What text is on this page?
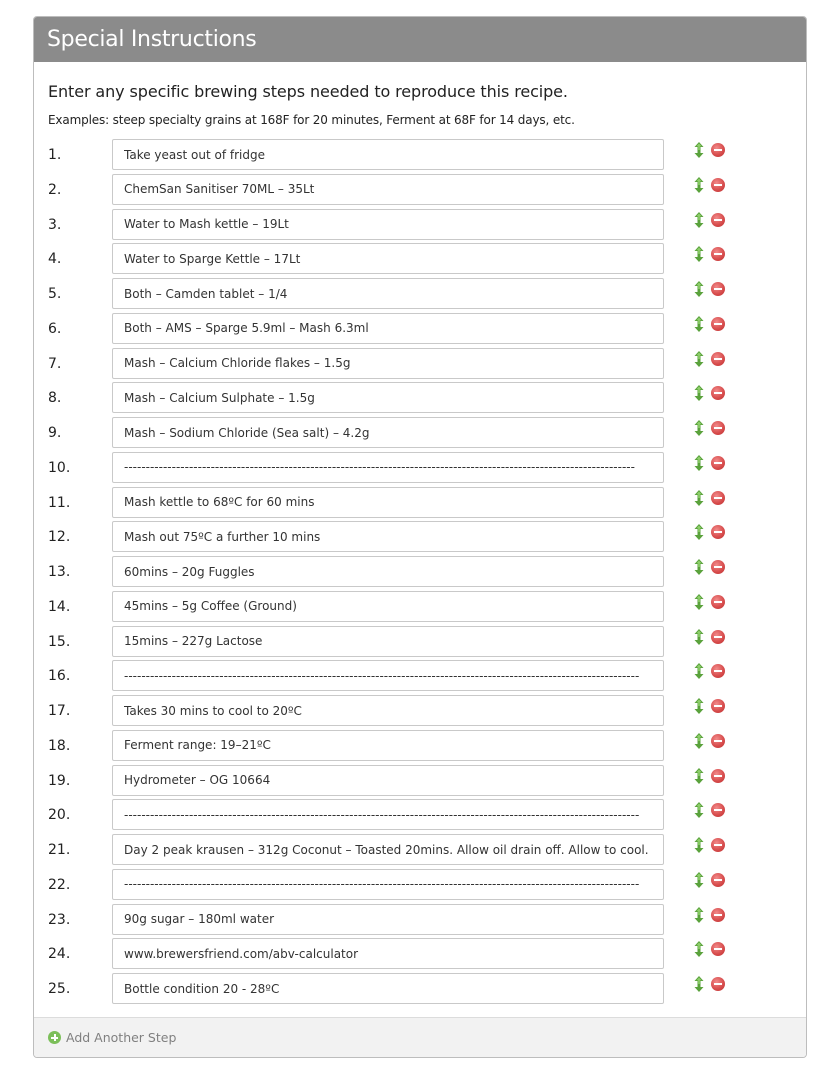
Special Instructions

Enter any specific brewing steps needed to reproduce this recipe.

Examples: steep specialty grains at 168F for 20 minutes, Ferment at 68F for 14 days, etc.

1.
Take yeast out of fridge
2.
ChemSan Sanitiser 70ML – 35Lt
3.
Water to Mash kettle – 19Lt
4.
Water to Sparge Kettle – 17Lt
5.
Both – Camden tablet – 1/4
6.
Both – AMS – Sparge 5.9ml – Mash 6.3ml
7.
Mash – Calcium Chloride flakes – 1.5g
8.
Mash – Calcium Sulphate – 1.5g
9.
Mash – Sodium Chloride (Sea salt) – 4.2g
10.
----------------------------------------------------------------------------------------------------------------------
11.
Mash kettle to 68ºC for 60 mins
12.
Mash out 75ºC a further 10 mins
13.
60mins – 20g Fuggles
14.
45mins – 5g Coffee (Ground)
15.
15mins – 227g Lactose
16.
-----------------------------------------------------------------------------------------------------------------------
17.
Takes 30 mins to cool to 20ºC
18.
Ferment range: 19–21ºC
19.
Hydrometer – OG 10664
20.
-----------------------------------------------------------------------------------------------------------------------
21.
Day 2 peak krausen – 312g Coconut – Toasted 20mins. Allow oil drain off. Allow to cool.
22.
-----------------------------------------------------------------------------------------------------------------------
23.
90g sugar – 180ml water
24.
www.brewersfriend.com/abv-calculator
25.
Bottle condition 20 - 28ºC
Add Another Step
